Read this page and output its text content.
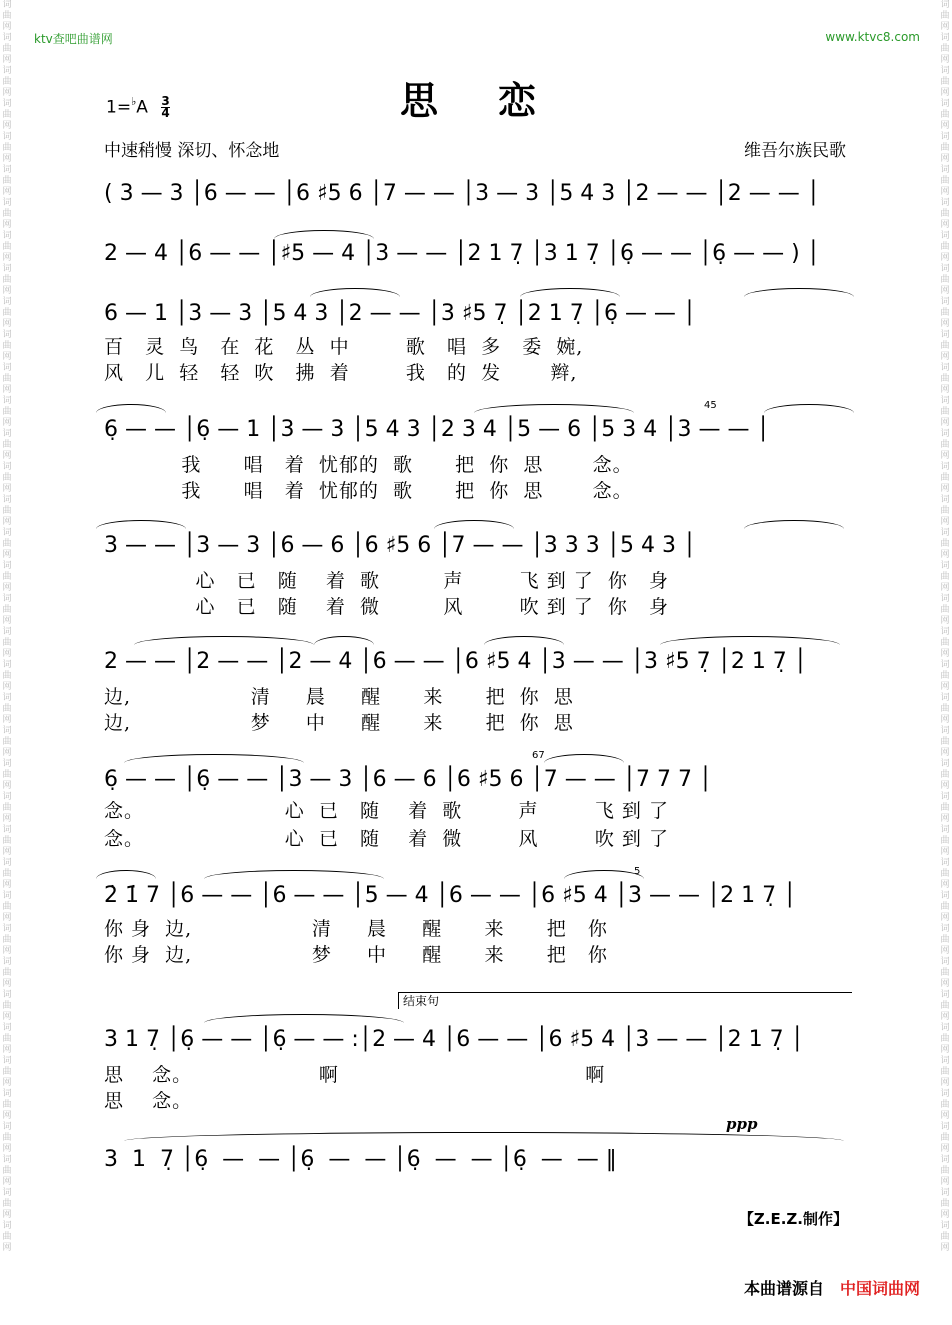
词曲网词曲网词曲网词曲网词曲网词曲网词曲网词曲网词曲网词曲网词曲网词曲网词曲网词曲网词曲网词曲网词曲网词曲网词曲网词曲网词曲网词曲网词曲网词曲网词曲网词曲网词曲网词曲网词曲网词曲网词曲网词曲网词曲网词曲网词曲网词曲网词曲网词曲网
词曲网词曲网词曲网词曲网词曲网词曲网词曲网词曲网词曲网词曲网词曲网词曲网词曲网词曲网词曲网词曲网词曲网词曲网词曲网词曲网词曲网词曲网词曲网词曲网词曲网词曲网词曲网词曲网词曲网词曲网词曲网词曲网词曲网词曲网词曲网词曲网词曲网词曲网
ktv查吧曲谱网	www.ktvc8.com
$1=^♭A \frac{3}{4}$	思恋
中速稍慢 深切、怀念地	维吾尔族民歌
( 3 — 3 │6 — — │6 ♯5 6 │7 — — │3 — 3 │5 4 3 │2 — — │2 — — │
2 — 4 │6 — — │♯5 — 4 │3 — — │2 1 7̣ │3 1 7̣ │6̣ — — │6̣ — — ) │
6 — 1 │3 — 3 │5 4 3 │2 — — │3 ♯5 7̣ │2 1 7̣ │6̣ — — │
百   灵  鸟   在  花   丛  中        歌   唱  多   委  婉,
风   儿  轻   轻  吹   拂  着        我   的  发       辫,
45
6̣ — — │6̣ — 1 │3 — 3 │5 4 3 │2 3 4 │5 — 6 │5 3 4 │3 — — │
我      唱   着  忧郁的  歌      把  你  思       念。
我      唱   着  忧郁的  歌      把  你  思       念。
3 — — │3 — 3 │6 — 6 │6 ♯5 6 │7 — — │3 3 3 │5 4 3 │
心   已   随    着  歌         声        飞 到 了  你   身
心   已   随    着  微         风        吹 到 了  你   身
2 — — │2 — — │2 — 4 │6 — — │6 ♯5 4 │3 — — │3 ♯5 7̣ │2 1 7̣ │
边,                 清     晨     醒      来      把  你  思
边,                 梦     中     醒      来      把  你  思
67
6̣ — — │6̣ — — │3 — 3 │6 — 6 │6 ♯5 6 │7 — — │7 7 7 │
念。                    心  已   随    着  歌        声        飞 到 了
念。                    心  已   随    着  微        风        吹 到 了
5
2̇ 1̇ 7 │6 — — │6 — — │5 — 4 │6 — — │6 ♯5 4 │3 — — │2 1 7̣ │
你 身  边,                 清     晨     醒      来      把   你
你 身  边,                 梦     中     醒      来      把   你
结束句
3 1 7̣ │6̣ — — │6̣ — — :│2 — 4 │6 — — │6 ♯5 4 │3 — — │2 1 7̣ │
思    念。                  啊                                   啊
思    念。
ppp
3  1  7̣ │6̣  —  — │6̣  —  — │6̣  —  — │6̣  —  — ‖
【Z.E.Z.制作】
本曲谱源自 中国词曲网
